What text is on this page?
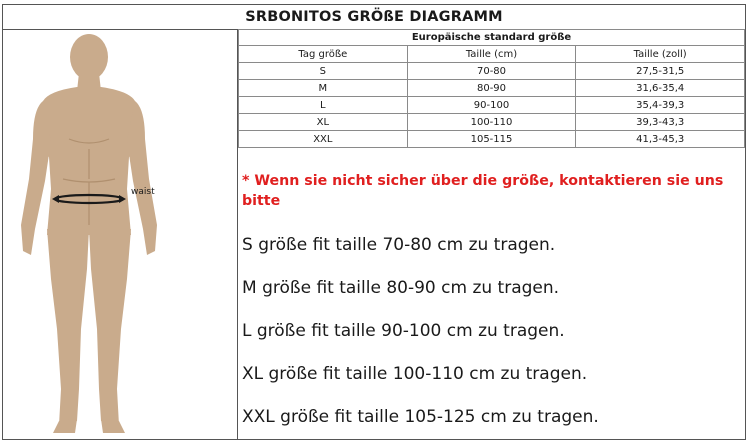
SRBONITOS GRÖßE DIAGRAMM
waist
Europäische standard größe		
Tag größe	Taille (cm)	Taille (zoll)
S	70-80	27,5-31,5
M	80-90	31,6-35,4
L	90-100	35,4-39,3
XL	100-110	39,3-43,3
XXL	105-115	41,3-45,3
* Wenn sie nicht sicher über die größe, kontaktieren sie uns bitte
S größe fit taille 70-80 cm zu tragen.
M größe fit taille 80-90 cm zu tragen.
L größe fit taille 90-100 cm zu tragen.
XL größe fit taille 100-110 cm zu tragen.
XXL größe fit taille 105-125 cm zu tragen.
